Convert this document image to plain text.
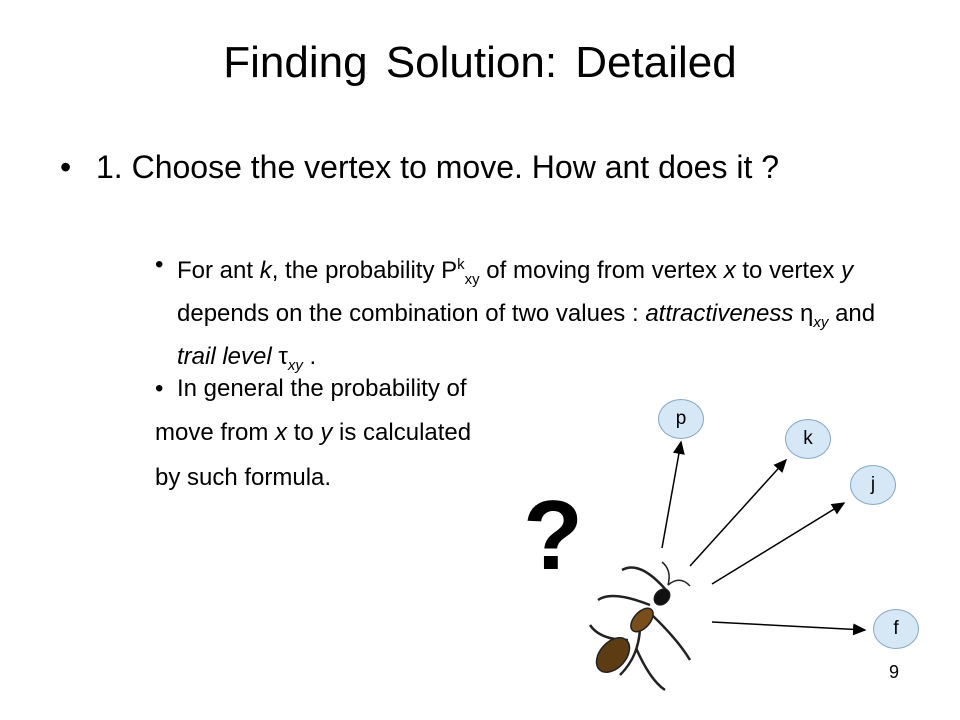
Finding Solution: Detailed
• 1. Choose the vertex to move. How ant does it ?
• For ant k, the probability $P^k_{xy}$ of moving from vertex x to vertex y depends on the combination of two values : attractiveness $\eta_{xy}$ and trail level $\tau_{xy}$ .
• In general the probability of
move from x to y is calculated
by such formula.
p
k
j
f
?
9
